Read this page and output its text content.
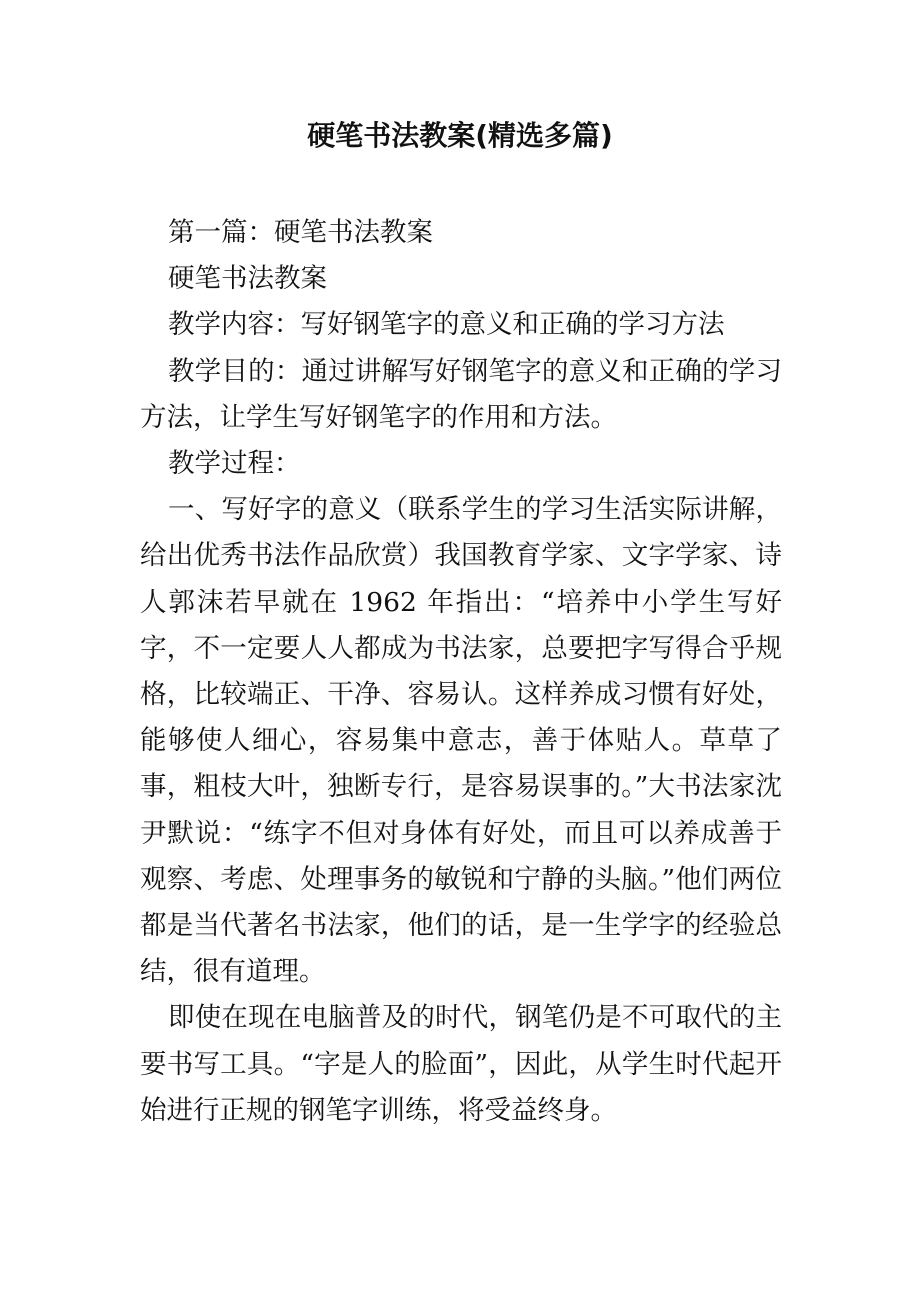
硬笔书法教案(精选多篇)

第一篇：硬笔书法教案

硬笔书法教案

教学内容：写好钢笔字的意义和正确的学习方法

教学目的：通过讲解写好钢笔字的意义和正确的学习方法，让学生写好钢笔字的作用和方法。

教学过程：

一、写好字的意义（联系学生的学习生活实际讲解，给出优秀书法作品欣赏）我国教育学家、文字学家、诗人郭沫若早就在 1962 年指出：“培养中小学生写好字，不一定要人人都成为书法家，总要把字写得合乎规格，比较端正、干净、容易认。这样养成习惯有好处，能够使人细心，容易集中意志，善于体贴人。草草了事，粗枝大叶，独断专行，是容易误事的。”大书法家沈尹默说：“练字不但对身体有好处，而且可以养成善于观察、考虑、处理事务的敏锐和宁静的头脑。”他们两位都是当代著名书法家，他们的话，是一生学字的经验总结，很有道理。

即使在现在电脑普及的时代，钢笔仍是不可取代的主要书写工具。“字是人的脸面”，因此，从学生时代起开始进行正规的钢笔字训练，将受益终身。
